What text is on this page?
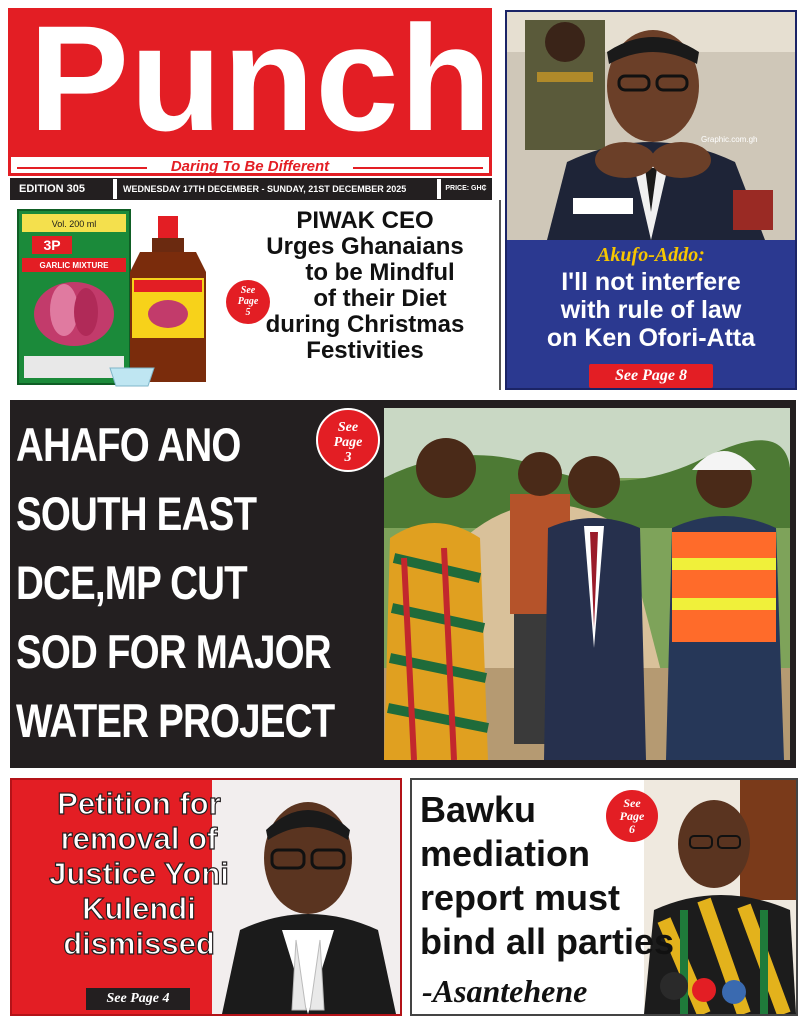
Punch
Daring To Be Different
EDITION 305	WEDNESDAY 17TH DECEMBER - SUNDAY, 21ST DECEMBER 2025	PRICE: GH₵ 5.00
Vol. 200 ml
3P
GARLIC MIXTURE
PIWAK CEO
Urges Ghanaians
to be Mindful
of their Diet
during Christmas
Festivities
See
Page
5
Graphic.com.gh
Akufo-Addo:
I'll not interfere
with rule of law
on Ken Ofori-Atta
See Page 8
AHAFO ANO
SOUTH EAST
DCE,MP CUT
SOD FOR MAJOR
WATER PROJECT
See
Page
3
Petition for
removal of
Justice Yoni
Kulendi
dismissed
See Page 4
Bawku
mediation
report must
bind all parties
-Asantehene
See
Page
6
